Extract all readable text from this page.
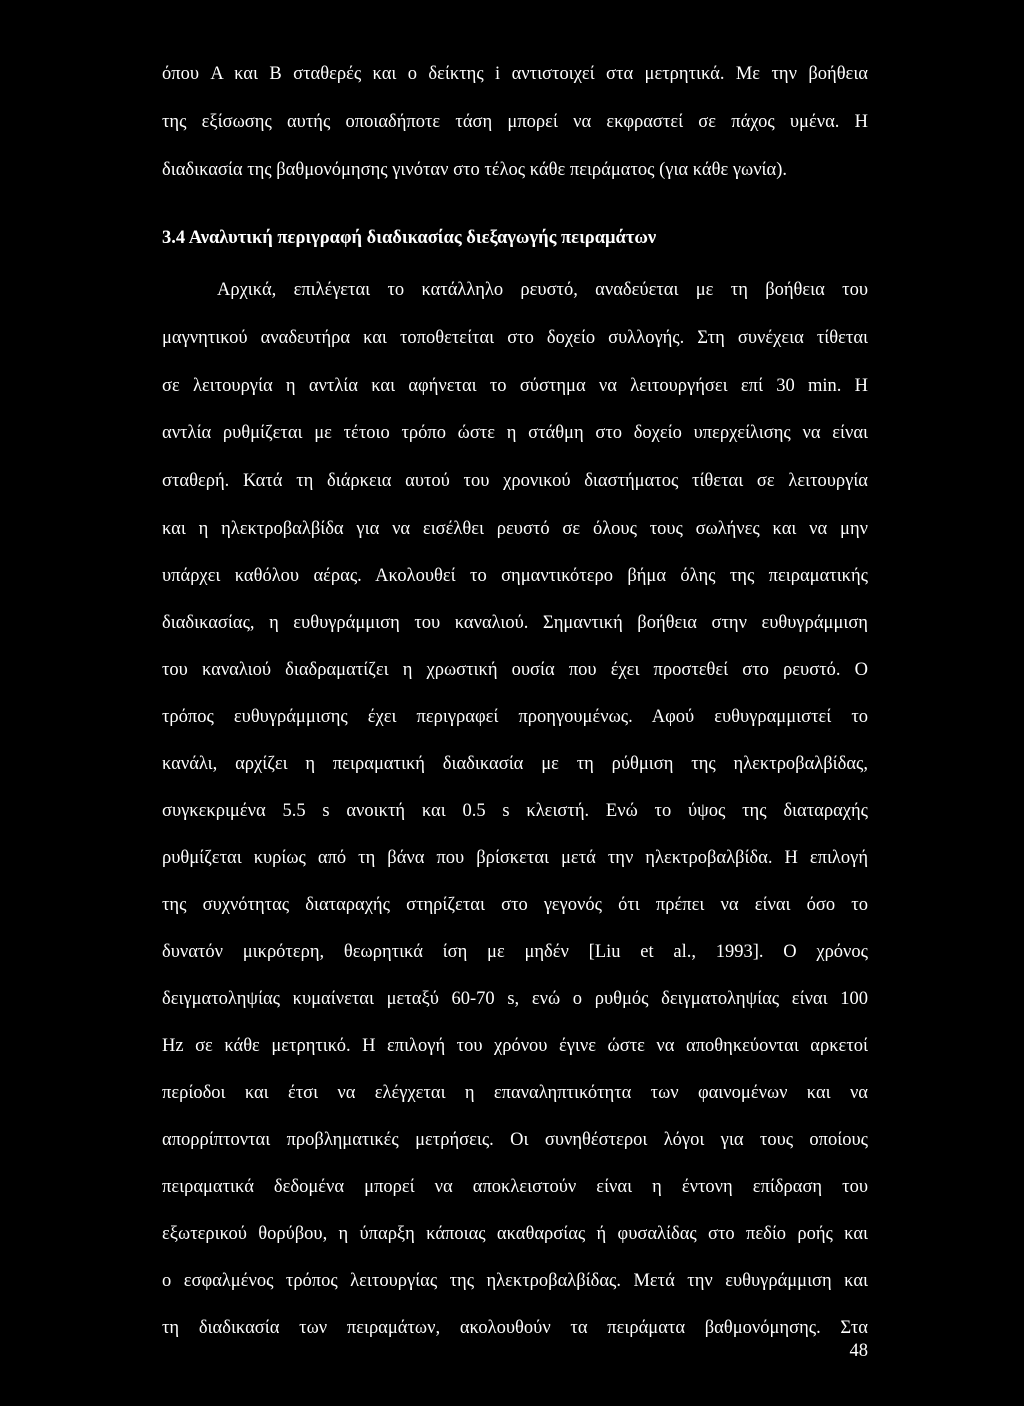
όπου A και B σταθερές και ο δείκτης i αντιστοιχεί στα μετρητικά. Με την βοήθεια
της εξίσωσης αυτής οποιαδήποτε τάση μπορεί να εκφραστεί σε πάχος υμένα. Η
διαδικασία της βαθμονόμησης γινόταν στο τέλος κάθε πειράματος (για κάθε γωνία).
3.4 Αναλυτική περιγραφή διαδικασίας διεξαγωγής πειραμάτων
Αρχικά, επιλέγεται το κατάλληλο ρευστό, αναδεύεται με τη βοήθεια του
μαγνητικού αναδευτήρα και τοποθετείται στο δοχείο συλλογής. Στη συνέχεια τίθεται
σε λειτουργία η αντλία και αφήνεται το σύστημα να λειτουργήσει επί 30 min. Η
αντλία ρυθμίζεται με τέτοιο τρόπο ώστε η στάθμη στο δοχείο υπερχείλισης να είναι
σταθερή. Κατά τη διάρκεια αυτού του χρονικού διαστήματος τίθεται σε λειτουργία
και η ηλεκτροβαλβίδα για να εισέλθει ρευστό σε όλους τους σωλήνες και να μην
υπάρχει καθόλου αέρας. Ακολουθεί το σημαντικότερο βήμα όλης της πειραματικής
διαδικασίας, η ευθυγράμμιση του καναλιού. Σημαντική βοήθεια στην ευθυγράμμιση
του καναλιού διαδραματίζει η χρωστική ουσία που έχει προστεθεί στο ρευστό. Ο
τρόπος ευθυγράμμισης έχει περιγραφεί προηγουμένως. Αφού ευθυγραμμιστεί το
κανάλι, αρχίζει η πειραματική διαδικασία με τη ρύθμιση της ηλεκτροβαλβίδας,
συγκεκριμένα 5.5 s ανοικτή και 0.5 s κλειστή. Ενώ το ύψος της διαταραχής
ρυθμίζεται κυρίως από τη βάνα που βρίσκεται μετά την ηλεκτροβαλβίδα. Η επιλογή
της συχνότητας διαταραχής στηρίζεται στο γεγονός ότι πρέπει να είναι όσο το
δυνατόν μικρότερη, θεωρητικά ίση με μηδέν [Liu et al., 1993]. Ο χρόνος
δειγματοληψίας κυμαίνεται μεταξύ 60-70 s, ενώ ο ρυθμός δειγματοληψίας είναι 100
Hz σε κάθε μετρητικό. Η επιλογή του χρόνου έγινε ώστε να αποθηκεύονται αρκετοί
περίοδοι και έτσι να ελέγχεται η επαναληπτικότητα των φαινομένων και να
απορρίπτονται προβληματικές μετρήσεις. Οι συνηθέστεροι λόγοι για τους οποίους
πειραματικά δεδομένα μπορεί να αποκλειστούν είναι η έντονη επίδραση του
εξωτερικού θορύβου, η ύπαρξη κάποιας ακαθαρσίας ή φυσαλίδας στο πεδίο ροής και
ο εσφαλμένος τρόπος λειτουργίας της ηλεκτροβαλβίδας. Μετά την ευθυγράμμιση και
τη διαδικασία των πειραμάτων, ακολουθούν τα πειράματα βαθμονόμησης. Στα
48
